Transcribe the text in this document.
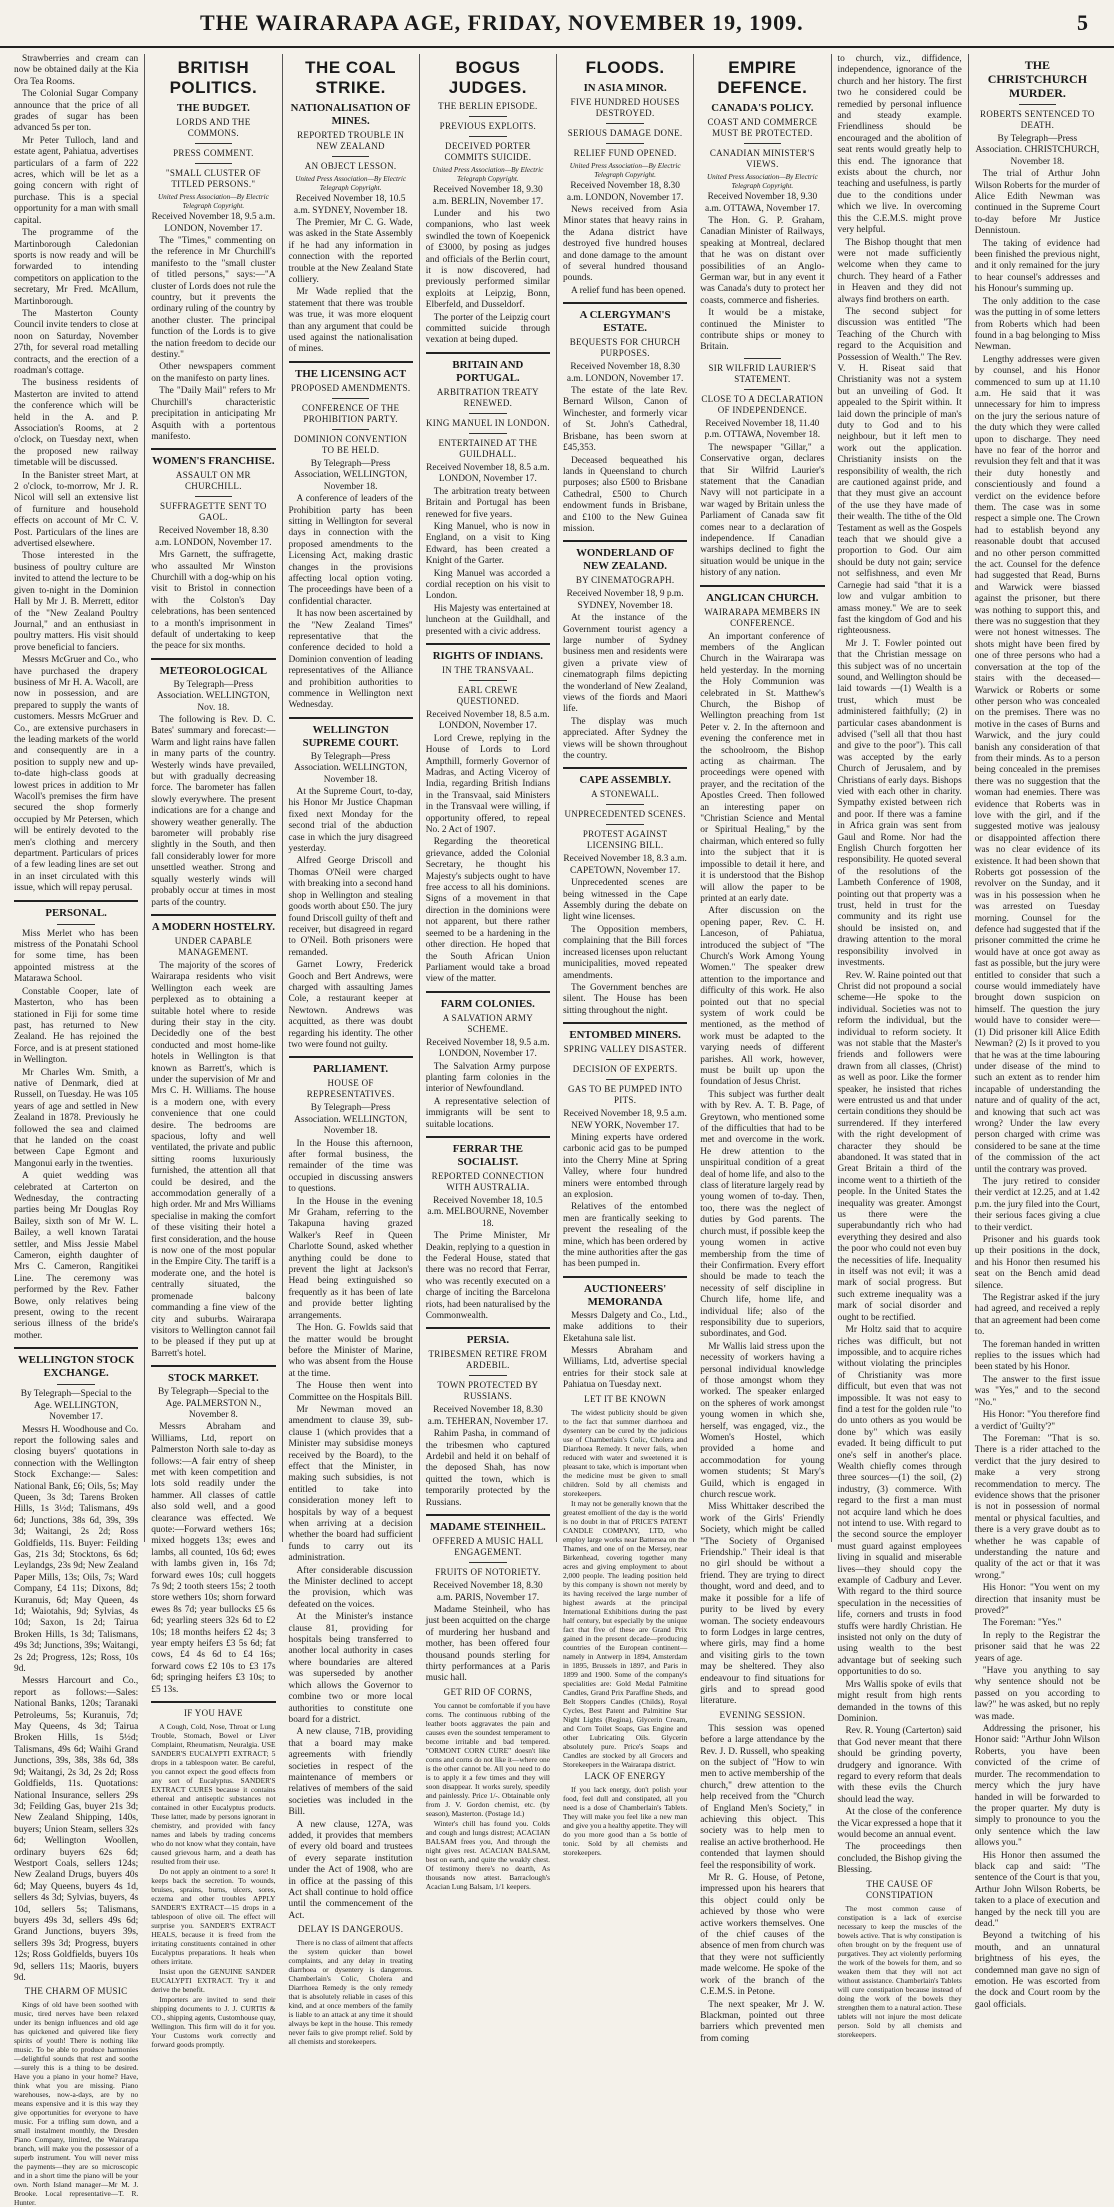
THE WAIRARAPA AGE, FRIDAY, NOVEMBER 19, 1909.	5

Strawberries and cream can now be obtained daily at the Kia Ora Tea Rooms.

The Colonial Sugar Company announce that the price of all grades of sugar has been advanced 5s per ton.

Mr Peter Tulloch, land and estate agent, Pahiatua, advertises particulars of a farm of 222 acres, which will be let as a going concern with right of purchase. This is a special opportunity for a man with small capital.

The programme of the Martinborough Caledonian sports is now ready and will be forwarded to intending competitors on application to the secretary, Mr Fred. McAllum, Martinborough.

The Masterton County Council invite tenders to close at noon on Saturday, November 27th, for several road metalling contracts, and the erection of a roadman's cottage.

The business residents of Masterton are invited to attend the conference which will be held in the A. and P. Association's Rooms, at 2 o'clock, on Tuesday next, when the proposed new railway timetable will be discussed.

In the Banister street Mart, at 2 o'clock, to-morrow, Mr J. R. Nicol will sell an extensive list of furniture and household effects on account of Mr C. V. Post. Particulars of the lines are advertised elsewhere.

Those interested in the business of poultry culture are invited to attend the lecture to be given to-night in the Dominion Hall by Mr J. B. Merrett, editor of the "New Zealand Poultry Journal," and an enthusiast in poultry matters. His visit should prove beneficial to fanciers.

Messrs McGruer and Co., who have purchased the drapery business of Mr H. A. Wacoll, are now in possession, and are prepared to supply the wants of customers. Messrs McGruer and Co., are extensive purchasers in the leading markets of the world and consequently are in a position to supply new and up-to-date high-class goods at lowest prices in addition to Mr Wacoll's premises the firm have secured the shop formerly occupied by Mr Petersen, which will be entirely devoted to the men's clothing and mercery department. Particulars of prices of a few leading lines are set out in an inset circulated with this issue, which will repay perusal.

PERSONAL.

Miss Merlet who has been mistress of the Ponatahi School for some time, has been appointed mistress at the Matarawa School.

Constable Cooper, late of Masterton, who has been stationed in Fiji for some time past, has returned to New Zealand. He has rejoined the Force, and is at present stationed in Wellington.

Mr Charles Wm. Smith, a native of Denmark, died at Russell, on Tuesday. He was 105 years of age and settled in New Zealand in 1878. Previously he followed the sea and claimed that he landed on the coast between Cape Egmont and Mangonui early in the twenties.

A quiet wedding was celebrated at Carterton on Wednesday, the contracting parties being Mr Douglas Roy Bailey, sixth son of Mr W. L. Bailey, a well known Taratai settler, and Miss Jessie Mabel Cameron, eighth daughter of Mrs C. Cameron, Rangitikei Line. The ceremony was performed by the Rev. Father Bowe, only relatives being present, owing to the recent serious illness of the bride's mother.

WELLINGTON STOCK EXCHANGE.

By Telegraph—Special to the Age. WELLINGTON, November 17.

Messrs H. Woodhouse and Co. report the following sales and closing buyers' quotations in connection with the Wellington Stock Exchange:— Sales: National Bank, £6; Oils, 5s; May Queen, 3s 3d; Tarens Broken Hills, 1s 3½d; Talismans, 49s 6d; Junctions, 38s 6d, 39s, 39s 3d; Waitangi, 2s 2d; Ross Goldfields, 11s. Buyer: Feilding Gas, 21s 3d; Stocktons, 6s 6d; Leylandgs, 23s 9d; New Zealand Paper Mills, 13s; Oils, 7s; Ward Company, £4 11s; Dixons, 8d; Kuranuis, 6d; May Queen, 4s 1d; Waiotahis, 9d; Sylvias, 4s 10d; Saxon, 1s 2d; Tairua Broken Hills, 1s 3d; Talismans, 49s 3d; Junctions, 39s; Waitangi, 2s 2d; Progress, 12s; Ross, 10s 9d.

Messrs Harcourt and Co., report as follows:—Sales: National Banks, 120s; Taranaki Petroleums, 5s; Kuranuis, 7d; May Queens, 4s 3d; Tairua Broken Hills, 1s 5½d; Talismans, 49s 6d; Waihi Grand Junctions, 39s, 38s, 38s 6d, 38s 9d; Waitangi, 2s 3d, 2s 2d; Ross Goldfields, 11s. Quotations: National Insurance, sellers 29s 3d; Feilding Gas, buyer 21s 3d; New Zealand Shipping, 140s, buyers; Union Steam, sellers 32s 6d; Wellington Woollen, ordinary buyers 62s 6d; Westport Coals, sellers 124s; New Zealand Drugs, buyers 40s 6d; May Queens, buyers 4s 1d, sellers 4s 3d; Sylvias, buyers, 4s 10d, sellers 5s; Talismans, buyers 49s 3d, sellers 49s 6d; Grand Junctions, buyers 39s, sellers 39s 3d; Progress, buyers 12s; Ross Goldfields, buyers 10s 9d, sellers 11s; Maoris, buyers 9d.

THE CHARM OF MUSIC

Kings of old have been soothed with music, tired nerves have been relaxed under its benign influences and old age has quickened and quivered like fiery spirits of youth! There is nothing like music. To be able to produce harmonies—delightful sounds that rest and soothe—surely this is a thing to be desired. Have you a piano in your home? Have, think what you are missing. Piano warehouses, now-a-days, are by no means expensive and it is this way they give opportunities for everyone to have music. For a trifling sum down, and a small instalment monthly, the Dresden Piano Company, limited, the Wairarapa branch, will make you the possessor of a superb instrument. You will never miss the payments—they are so microscopic and in a short time the piano will be your own. North Island manager—Mr M. J. Brooke. Local representative—T. R. Hunter.

BRITISH POLITICS.
THE BUDGET.
LORDS AND THE COMMONS.
PRESS COMMENT.
"SMALL CLUSTER OF TITLED PERSONS."
United Press Association—By Electric Telegraph Copyright.

Received November 18, 9.5 a.m. LONDON, November 17.

The "Times," commenting on the reference in Mr Churchill's manifesto to the "small cluster of titled persons," says:—"A cluster of Lords does not rule the country, but it prevents the ordinary ruling of the country by another cluster. The principal function of the Lords is to give the nation freedom to decide our destiny."

Other newspapers comment on the manifesto on party lines.

The "Daily Mail" refers to Mr Churchill's characteristic precipitation in anticipating Mr Asquith with a portentous manifesto.

WOMEN'S FRANCHISE.
ASSAULT ON MR CHURCHILL.
SUFFRAGETTE SENT TO GAOL.

Received November 18, 8.30 a.m. LONDON, November 17.

Mrs Garnett, the suffragette, who assaulted Mr Winston Churchill with a dog-whip on his visit to Bristol in connection with the Colston's Day celebrations, has been sentenced to a month's imprisonment in default of undertaking to keep the peace for six months.

METEOROLOGICAL

By Telegraph—Press Association. WELLINGTON, Nov. 18.

The following is Rev. D. C. Bates' summary and forecast:—Warm and light rains have fallen in many parts of the country. Westerly winds have prevailed, but with gradually decreasing force. The barometer has fallen slowly everywhere. The present indications are for a change and showery weather generally. The barometer will probably rise slightly in the South, and then fall considerably lower for more unsettled weather. Strong and squally westerly winds will probably occur at times in most parts of the country.

A MODERN HOSTELRY.
UNDER CAPABLE MANAGEMENT.

The majority of the scores of Wairarapa residents who visit Wellington each week are perplexed as to obtaining a suitable hotel where to reside during their stay in the city. Decidedly one of the best conducted and most home-like hotels in Wellington is that known as Barrett's, which is under the supervision of Mr and Mrs C. H. Williams. The house is a modern one, with every convenience that one could desire. The bedrooms are spacious, lofty and well ventilated, the private and public sitting rooms luxuriously furnished, the attention all that could be desired, and the accommodation generally of a high order. Mr and Mrs Williams specialise in making the comfort of these visiting their hotel a first consideration, and the house is now one of the most popular in the Empire City. The tariff is a moderate one, and the hotel is centrally situated, the promenade balcony commanding a fine view of the city and suburbs. Wairarapa visitors to Wellington cannot fail to be pleased if they put up at Barrett's hotel.

STOCK MARKET.

By Telegraph—Special to the Age. PALMERSTON N., November 8.

Messrs Abraham and Williams, Ltd, report on Palmerston North sale to-day as follows:—A fair entry of sheep met with keen competition and lots sold readily under the hammer. All classes of cattle also sold well, and a good clearance was effected. We quote:—Forward wethers 16s; mixed hoggets 13s; ewes and lambs, all counted, 10s 6d; ewes with lambs given in, 16s 7d; forward ewes 10s; cull hoggets 7s 9d; 2 tooth steers 15s; 2 tooth store wethers 10s; shorn forward ewes 8s 7d; year bullocks £5 6s 6d; yearling steers 32s 6d to £2 10s; 18 months heifers £2 4s; 3 year empty heifers £3 5s 6d; fat cows, £4 4s 6d to £4 16s; forward cows £2 10s to £3 17s 6d; springing heifers £3 10s; to £5 13s.

IF YOU HAVE

A Cough, Cold, Nose, Throat or Lung Trouble, Stomach, Bowel or Liver Complaint, Rheumatism, Neuralgia. USE SANDER'S EUCALYPTI EXTRACT; 5 drops in a tablespoon water. Be careful, you cannot expect the good effects from any sort of Eucalyptus. SANDER'S EXTRACT CURES because it contains ethereal and antiseptic substances not contained in other Eucalyptus products. These latter, made by persons ignorant in chemistry, and provided with fancy names and labels by trading concerns who do not know what they contain, have caused grievous harm, and a death has resulted from their use.

Do not apply an ointment to a sore! It keeps back the secretion. To wounds, bruises, sprains, burns, ulcers, sores, eczema and other troubles APPLY SANDER'S EXTRACT—15 drops in a tablespoon of olive oil. The effect will surprise you. SANDER'S EXTRACT HEALS, because it is freed from the irritating constituents contained in other Eucalyptus preparations. It heals when others irritate.

Insist upon the GENUINE SANDER EUCALYPTI EXTRACT. Try it and derive the benefit.

Importers are invited to send their shipping documents to J. J. CURTIS & CO., shipping agents, Customhouse quay, Wellington. This firm will do it for you. Your Customs work correctly and forward goods promptly.

THE COAL STRIKE.
NATIONALISATION OF MINES.
REPORTED TROUBLE IN NEW ZEALAND
AN OBJECT LESSON.
United Press Association—By Electric Telegraph Copyright.

Received November 18, 10.5 a.m. SYDNEY, November 18.

The Premier, Mr C. G. Wade, was asked in the State Assembly if he had any information in connection with the reported trouble at the New Zealand State colliery.

Mr Wade replied that the statement that there was trouble was true, it was more eloquent than any argument that could be used against the nationalisation of mines.

THE LICENSING ACT
PROPOSED AMENDMENTS.
CONFERENCE OF THE PROHIBITION PARTY.
DOMINION CONVENTION TO BE HELD.

By Telegraph—Press Association, WELLINGTON, November 18.

A conference of leaders of the Prohibition party has been sitting in Wellington for several days in connection with the proposed amendments to the Licensing Act, making drastic changes in the provisions affecting local option voting. The proceedings have been of a confidential character.

It has now been ascertained by the "New Zealand Times" representative that the conference decided to hold a Dominion convention of leading representatives of the Alliance and prohibition authorities to commence in Wellington next Wednesday.

WELLINGTON SUPREME COURT.

By Telegraph—Press Association. WELLINGTON, November 18.

At the Supreme Court, to-day, his Honor Mr Justice Chapman fixed next Monday for the second trial of the abduction case in which the jury disagreed yesterday.

Alfred George Driscoll and Thomas O'Neil were charged with breaking into a second hand shop in Wellington and stealing goods worth about £50. The jury found Driscoll guilty of theft and receiver, but disagreed in regard to O'Neil. Both prisoners were remanded.

Garnet Lowry, Frederick Gooch and Bert Andrews, were charged with assaulting James Cole, a restaurant keeper at Newtown. Andrews was acquitted, as there was doubt regarding his identity. The other two were found not guilty.

PARLIAMENT.
HOUSE OF REPRESENTATIVES.

By Telegraph—Press Association. WELLINGTON, November 18.

In the House this afternoon, after formal business, the remainder of the time was occupied in discussing answers to questions.

In the House in the evening Mr Graham, referring to the Takapuna having grazed Walker's Reef in Queen Charlotte Sound, asked whether anything could be done to prevent the light at Jackson's Head being extinguished so frequently as it has been of late and provide better lighting arrangements.

The Hon. G. Fowlds said that the matter would be brought before the Minister of Marine, who was absent from the House at the time.

The House then went into Committee on the Hospitals Bill.

Mr Newman moved an amendment to clause 39, sub-clause 1 (which provides that a Minister may subsidise moneys received by the Board), to the effect that the Minister, in making such subsidies, is not entitled to take into consideration money left to hospitals by way of a bequest when arriving at a decision whether the board had sufficient funds to carry out its administration.

After considerable discussion the Minister declined to accept the provision, which was defeated on the voices.

At the Minister's instance clause 81, providing for hospitals being transferred to another local authority in cases where boundaries are altered was superseded by another which allows the Governor to combine two or more local authorities to constitute one board for a district.

A new clause, 71B, providing that a board may make agreements with friendly societies in respect of the maintenance of members or relatives of members of the said societies was included in the Bill.

A new clause, 127A, was added, it provides that members of every old board and trustees of every separate institution under the Act of 1908, who are in office at the passing of this Act shall continue to hold office until the commencement of the Act.

DELAY IS DANGEROUS.

There is no class of ailment that affects the system quicker than bowel complaints, and any delay in treating diarrhoea or dysentery is dangerous. Chamberlain's Colic, Cholera and Diarrhoea Remedy is the only remedy that is absolutely reliable in cases of this kind, and at once members of the family is liable to an attack at any time it should always be kept in the house. This remedy never fails to give prompt relief. Sold by all chemists and storekeepers.

BOGUS JUDGES.
THE BERLIN EPISODE.
PREVIOUS EXPLOITS.
DECEIVED PORTER COMMITS SUICIDE.
United Press Association—By Electric Telegraph Copyright.

Received November 18, 9.30 a.m. BERLIN, November 17.

Lunder and his two companions, who last week swindled the town of Koepenick of £3000, by posing as judges and officials of the Berlin court, it is now discovered, had previously performed similar exploits at Leipzig, Bonn, Elberfeld, and Dusseldorf.

The porter of the Leipzig court committed suicide through vexation at being duped.

BRITAIN AND PORTUGAL.
ARBITRATION TREATY RENEWED.
KING MANUEL IN LONDON.
ENTERTAINED AT THE GUILDHALL.

Received November 18, 8.5 a.m. LONDON, November 17.

The arbitration treaty between Britain and Portugal has been renewed for five years.

King Manuel, who is now in England, on a visit to King Edward, has been created a Knight of the Garter.

King Manuel was accorded a cordial reception on his visit to London.

His Majesty was entertained at luncheon at the Guildhall, and presented with a civic address.

RIGHTS OF INDIANS.
IN THE TRANSVAAL.
EARL CREWE QUESTIONED.

Received November 18, 8.5 a.m. LONDON, November 17.

Lord Crewe, replying in the House of Lords to Lord Ampthill, formerly Governor of Madras, and Acting Viceroy of India, regarding British Indians in the Transvaal, said Ministers in the Transvaal were willing, if opportunity offered, to repeal No. 2 Act of 1907.

Regarding the theoretical grievance, added the Colonial Secretary, he thought his Majesty's subjects ought to have free access to all his dominions. Signs of a movement in that direction in the dominions were not apparent, but there rather seemed to be a hardening in the other direction. He hoped that the South African Union Parliament would take a broad view of the matter.

FARM COLONIES.
A SALVATION ARMY SCHEME.

Received November 18, 9.5 a.m. LONDON, November 17.

The Salvation Army purpose planting farm colonies in the interior of Newfoundland.

A representative selection of immigrants will be sent to suitable locations.

FERRAR THE SOCIALIST.
REPORTED CONNECTION WITH AUSTRALIA.

Received November 18, 10.5 a.m. MELBOURNE, November 18.

The Prime Minister, Mr Deakin, replying to a question in the Federal House, stated that there was no record that Ferrar, who was recently executed on a charge of inciting the Barcelona riots, had been naturalised by the Commonwealth.

PERSIA.
TRIBESMEN RETIRE FROM ARDEBIL.
TOWN PROTECTED BY RUSSIANS.

Received November 18, 8.30 a.m. TEHERAN, November 17.

Rahim Pasha, in command of the tribesmen who captured Ardebil and held it on behalf of the deposed Shah, has now quitted the town, which is temporarily protected by the Russians.

MADAME STEINHEIL.
OFFERED A MUSIC HALL ENGAGEMENT.
FRUITS OF NOTORIETY.

Received November 18, 8.30 a.m. PARIS, November 17.

Madame Steinheil, who has just been acquitted on the charge of murdering her husband and mother, has been offered four thousand pounds sterling for thirty performances at a Paris music hall.

GET RID OF CORNS,

You cannot be comfortable if you have corns. The continuous rubbing of the leather boots aggravates the pain and causes even the soundest temperament to become irritable and bad tempered. "ORMONT CORN CURE" doesn't like corns and corns do not like it—where one is the other cannot be. All you need to do is to apply it a few times and they will soon disappear. It works surely, speedily and painlessly. Price 1/-. Obtainable only from J. V. Gordon chemist, etc. (by season), Masterton. (Postage 1d.)

Winter's chill has found you. Colds and cough and lungs distrest; ACACIAN BALSAM frees you, And through the night gives rest. ACACIAN BALSAM, best on earth, and quite the weakly chest. Of testimony there's no dearth, As thousands now attest. Barraclough's Acacian Lung Balsam, 1/1 keepers.

FLOODS.
IN ASIA MINOR.
FIVE HUNDRED HOUSES DESTROYED.
SERIOUS DAMAGE DONE.
RELIEF FUND OPENED.
United Press Association—By Electric Telegraph Copyright.

Received November 18, 8.30 a.m. LONDON, November 17.

News received from Asia Minor states that heavy rains in the Adana district have destroyed five hundred houses and done damage to the amount of several hundred thousand pounds.

A relief fund has been opened.

A CLERGYMAN'S ESTATE.
BEQUESTS FOR CHURCH PURPOSES.

Received November 18, 8.30 a.m. LONDON, November 17.

The estate of the late Rev. Bernard Wilson, Canon of Winchester, and formerly vicar of St. John's Cathedral, Brisbane, has been sworn at £45,353.

Deceased bequeathed his lands in Queensland to church purposes; also £500 to Brisbane Cathedral, £500 to Church endowment funds in Brisbane, and £100 to the New Guinea mission.

WONDERLAND OF NEW ZEALAND.
BY CINEMATOGRAPH.

Received November 18, 9 p.m. SYDNEY, November 18.

At the instance of the Government tourist agency a large number of Sydney business men and residents were given a private view of cinematograph films depicting the wonderland of New Zealand, views of the fiords and Maori life.

The display was much appreciated. After Sydney the views will be shown throughout the country.

CAPE ASSEMBLY.
A STONEWALL.
UNPRECEDENTED SCENES.
PROTEST AGAINST LICENSING BILL.

Received November 18, 8.3 a.m. CAPETOWN, November 17.

Unprecedented scenes are being witnessed in the Cape Assembly during the debate on light wine licenses.

The Opposition members, complaining that the Bill forces increased licenses upon reluctant municipalities, moved repeated amendments.

The Government benches are silent. The House has been sitting throughout the night.

ENTOMBED MINERS.
SPRING VALLEY DISASTER.
DECISION OF EXPERTS.
GAS TO BE PUMPED INTO PITS.

Received November 18, 9.5 a.m. NEW YORK, November 17.

Mining experts have ordered carbonic acid gas to be pumped into the Cherry Mine at Spring Valley, where four hundred miners were entombed through an explosion.

Relatives of the entombed men are frantically seeking to prevent the resealing of the mine, which has been ordered by the mine authorities after the gas has been pumped in.

AUCTIONEERS' MEMORANDA

Messrs Dalgety and Co., Ltd., make additions to their Eketahuna sale list.

Messrs Abraham and Williams, Ltd, advertise special entries for their stock sale at Pahiatua on Tuesday next.

LET IT BE KNOWN

The widest publicity should be given to the fact that summer diarrhoea and dysentery can be cured by the judicious use of Chamberlain's Colic, Cholera and Diarrhoea Remedy. It never fails, when reduced with water and sweetened it is pleasant to take, which is important when the medicine must be given to small children. Sold by all chemists and storekeepers.

It may not be generally known that the greatest emollient of the day is the world is no doubt in that of PRICE'S PATENT CANDLE COMPANY, LTD, who employ large works near Battersea on the Thames, and one of on the Mersey, near Birkenhead, covering together many acres and giving employment to about 2,000 people. The leading position held by this company is shown not merely by its having received the large number of highest awards at the principal International Exhibitions during the past half century, but especially by the unique fact that five of these are Grand Prix gained in the present decade—producing countries of the European continent—namely in Antwerp in 1894, Amsterdam in 1895, Brussels in 1897, and Paris in 1899 and 1900. Some of the company's specialities are: Gold Medal Palmitine Candles, Grand Prix Paraffine Sheds, and Belt Stoppers Candles (Childs), Royal Cycles, Best Patent and Palmitine Star Night Lights (Regina), Glycerin Cream, and Corn Toilet Soaps, Gas Engine and other Lubricating Oils. Glycerin absolutely pure. Price's Soaps and Candles are stocked by all Grocers and Storekeepers in the Wairarapa district.

LACK OF ENERGY

If you lack energy, don't polish your food, feel dull and constipated, all you need is a dose of Chamberlain's Tablets. They will make you feel like a new man and give you a healthy appetite. They will do you more good than a 5s bottle of tonic. Sold by all chemists and storekeepers.

EMPIRE DEFENCE.
CANADA'S POLICY.
COAST AND COMMERCE MUST BE PROTECTED.
CANADIAN MINISTER'S VIEWS.
United Press Association—By Electric Telegraph Copyright.

Received November 18, 9.30 a.m. OTTAWA, November 17.

The Hon. G. P. Graham, Canadian Minister of Railways, speaking at Montreal, declared that he was on distant over possibilities of an Anglo-German war, but in any event it was Canada's duty to protect her coasts, commerce and fisheries.

It would be a mistake, continued the Minister to contribute ships or money to Britain.

SIR WILFRID LAURIER'S STATEMENT.
CLOSE TO A DECLARATION OF INDEPENDENCE.

Received November 18, 11.40 p.m. OTTAWA, November 18.

The newspaper "Gillar," a Conservative organ, declares that Sir Wilfrid Laurier's statement that the Canadian Navy will not participate in a war waged by Britain unless the Parliament of Canada saw fit comes near to a declaration of independence. If Canadian warships declined to fight the situation would be unique in the history of any nation.

ANGLICAN CHURCH.
WAIRARAPA MEMBERS IN CONFERENCE.

An important conference of members of the Anglican Church in the Wairarapa was held yesterday. In the morning the Holy Communion was celebrated in St. Matthew's Church, the Bishop of Wellington preaching from 1st Peter v. 2. In the afternoon and evening the conference met in the schoolroom, the Bishop acting as chairman. The proceedings were opened with prayer, and the recitation of the Apostles Creed. Then followed an interesting paper on "Christian Science and Mental or Spiritual Healing," by the chairman, which entered so fully into the subject that it is impossible to detail it here, and it is understood that the Bishop will allow the paper to be printed at an early date.

After discussion on the opening paper, Rev. C. H. Lanceson, of Pahiatua, introduced the subject of "The Church's Work Among Young Women." The speaker drew attention to the importance and difficulty of this work. He also pointed out that no special system of work could be mentioned, as the method of work must be adapted to the varying needs of different parishes. All work, however, must be built up upon the foundation of Jesus Christ.

This subject was further dealt with by Rev. A. T. B. Page, of Greytown, who mentioned some of the difficulties that had to be met and overcome in the work. He drew attention to the unspiritual condition of a great deal of home life, and also to the class of literature largely read by young women of to-day. Then, too, there was the neglect of duties by God parents. The church must, if possible keep the young women in active membership from the time of their Confirmation. Every effort should be made to teach the necessity of self discipline in Church life, home life, and individual life; also of the responsibility due to superiors, subordinates, and God.

Mr Wallis laid stress upon the necessity of workers having a personal individual knowledge of those amongst whom they worked. The speaker enlarged on the spheres of work amongst young women in which she, herself, was engaged, viz., the Women's Hostel, which provided a home and accommodation for young women students; St Mary's Guild, which is engaged in church rescue work.

Miss Whittaker described the work of the Girls' Friendly Society, which might be called "The Society of Organised Friendship." Their ideal is that no girl should be without a friend. They are trying to direct thought, word and deed, and to make it possible for a life of purity to be lived by every woman. The society endeavours to form Lodges in large centres, where girls, may find a home and visiting girls to the town may be sheltered. They also endeavour to find situations for girls and to spread good literature.

EVENING SESSION.

This session was opened before a large attendance by the Rev. J. D. Russell, who speaking on the subject of "How to win men to active membership of the church," drew attention to the help received from the "Church of England Men's Society," in achieving this object. This society was to help men to realise an active brotherhood. He contended that laymen should feel the responsibility of work.

Mr R. G. House, of Petone, impressed upon his hearers that this object could only be achieved by those who were active workers themselves. One of the chief causes of the absence of men from church was that they were not sufficiently made welcome. He spoke of the work of the branch of the C.E.M.S. in Petone.

The next speaker, Mr J. W. Blackman, pointed out three barriers which prevented men from coming

to church, viz., diffidence, independence, ignorance of the church and her history. The first two he considered could be remedied by personal influence and steady example. Friendliness should be encouraged and the abolition of seat rents would greatly help to this end. The ignorance that exists about the church, nor teaching and usefulness, is partly due to the conditions under which we live. In overcoming this the C.E.M.S. might prove very helpful.

The Bishop thought that men were not made sufficiently welcome when they came to church. They heard of a Father in Heaven and they did not always find brothers on earth.

The second subject for discussion was entitled "The Teaching of the Church with regard to the Acquisition and Possession of Wealth." The Rev. V. H. Riseat said that Christianity was not a system but an unveiling of God. It appealed to the Spirit within. It laid down the principle of man's duty to God and to his neighbour, but it left men to work out the application. Christianity insists on the responsibility of wealth, the rich are cautioned against pride, and that they must give an account of the use they have made of their wealth. The tithe of the Old Testament as well as the Gospels teach that we should give a proportion to God. Our aim should be duty not gain; service not selfishness, and even Mr Carnegie had said "that it is a low and vulgar ambition to amass money." We are to seek fast the kingdom of God and his righteousness.

Mr J. T. Fowler pointed out that the Christian message on this subject was of no uncertain sound, and Wellington should be laid towards —(1) Wealth is a trust, which must be administered faithfully; (2) in particular cases abandonment is advised ("sell all that thou hast and give to the poor"). This call was accepted by the early Church of Jerusalem, and by Christians of early days. Bishops vied with each other in charity. Sympathy existed between rich and poor. If there was a famine in Africa grain was sent from Gaul and Rome. Nor had the English Church forgotten her responsibility. He quoted several of the resolutions of the Lambeth Conference of 1908, pointing out that property was a trust, held in trust for the community and its right use should be insisted on, and drawing attention to the moral responsibility involved in investments.

Rev. W. Raine pointed out that Christ did not propound a social scheme—He spoke to the individual. Societies was not to reform the individual, but the individual to reform society. It was not stable that the Master's friends and followers were drawn from all classes, (Christ) as well as poor. Like the former speaker, he insisted that riches were entrusted us and that under certain conditions they should be surrendered. If they interfered with the right development of character they should be abandoned. It was stated that in Great Britain a third of the income went to a thirtieth of the people. In the United States the inequality was greater. Amongst us there were the superabundantly rich who had everything they desired and also the poor who could not even buy the necessities of life. Inequality in itself was not evil; it was a mark of social progress. But such extreme inequality was a mark of social disorder and ought to be rectified.

Mr Holtz said that to acquire riches was difficult, but not impossible, and to acquire riches without violating the principles of Christianity was more difficult, but even that was not impossible. It was not easy to find a test for the golden rule "to do unto others as you would be done by" which was easily evaded. It being difficult to put one's self in another's place. Wealth chiefly comes through three sources—(1) the soil, (2) industry, (3) commerce. With regard to the first a man must not acquire land which he does not intend to use. With regard to the second source the employer must guard against employees living in squalid and miserable lives—they should copy the example of Cadbury and Lever. With regard to the third source speculation in the necessities of life, corners and trusts in food stuffs were hardly Christian. He insisted not only on the duty of using wealth to the best advantage but of seeking such opportunities to do so.

Mrs Wallis spoke of evils that might result from high rents demanded in the towns of this Dominion.

Rev. R. Young (Carterton) said that God never meant that there should be grinding poverty, drudgery and ignorance. With regard to every reform that deals with these evils the Church should lead the way.

At the close of the conference the Vicar expressed a hope that it would become an annual event.

The proceedings then concluded, the Bishop giving the Blessing.

THE CAUSE OF CONSTIPATION

The most common cause of constipation is a lack of exercise necessary to keep the muscles of the bowels active. That is why constipation is often brought on by the frequent use of purgatives. They act violently performing the work of the bowels for them, and so weaken them that they will not act without assistance. Chamberlain's Tablets will cure constipation because instead of doing the work of the bowels they strengthen them to a natural action. These tablets will not injure the most delicate person. Sold by all chemists and storekeepers.

THE CHRISTCHURCH MURDER.
ROBERTS SENTENCED TO DEATH.

By Telegraph—Press Association. CHRISTCHURCH, November 18.

The trial of Arthur John Wilson Roberts for the murder of Alice Edith Newman was continued in the Supreme Court to-day before Mr Justice Dennistoun.

The taking of evidence had been finished the previous night, and it only remained for the jury to hear counsel's addresses and his Honour's summing up.

The only addition to the case was the putting in of some letters from Roberts which had been found in a bag belonging to Miss Newman.

Lengthy addresses were given by counsel, and his Honor commenced to sum up at 11.10 a.m. He said that it was unnecessary for him to impress on the jury the serious nature of the duty which they were called upon to discharge. They need have no fear of the horror and revulsion they felt and that it was their duty honestly and conscientiously and found a verdict on the evidence before them. The case was in some respect a simple one. The Crown had to establish beyond any reasonable doubt that accused and no other person committed the act. Counsel for the defence had suggested that Read, Burns and Warwick were biassed against the prisoner, but there was nothing to support this, and there was no suggestion that they were not honest witnesses. The shots might have been fired by one of three persons who had a conversation at the top of the stairs with the deceased—Warwick or Roberts or some other person who was concealed on the premises. There was no motive in the cases of Burns and Warwick, and the jury could banish any consideration of that from their minds. As to a person being concealed in the premises there was no suggestion that the woman had enemies. There was evidence that Roberts was in love with the girl, and if the suggested motive was jealousy or disappointed affection there was no clear evidence of its existence. It had been shown that Roberts got possession of the revolver on the Sunday, and it was in his possession when he was arrested on Tuesday morning. Counsel for the defence had suggested that if the prisoner committed the crime he would have at once got away as fast as possible, but the jury were entitled to consider that such a course would immediately have brought down suspicion on himself. The question the jury would have to consider were— (1) Did prisoner kill Alice Edith Newman? (2) Is it proved to you that he was at the time labouring under disease of the mind to such an extent as to render him incapable of understanding the nature and of quality of the act, and knowing that such act was wrong? Under the law every person charged with crime was considered to be sane at the time of the commission of the act until the contrary was proved.

The jury retired to consider their verdict at 12.25, and at 1.42 p.m. the jury filed into the Court, their serious faces giving a clue to their verdict.

Prisoner and his guards took up their positions in the dock, and his Honor then resumed his seat on the Bench amid dead silence.

The Registrar asked if the jury had agreed, and received a reply that an agreement had been come to.

The foreman handed in written replies to the issues which had been stated by his Honor.

The answer to the first issue was "Yes," and to the second "No."

His Honor: "You therefore find a verdict of 'Guilty'?"

The Foreman: "That is so. There is a rider attached to the verdict that the jury desired to make a very strong recommendation to mercy. The evidence shows that the prisoner is not in possession of normal mental or physical faculties, and there is a very grave doubt as to whether he was capable of understanding the nature and quality of the act or that it was wrong."

His Honor: "You went on my direction that insanity must be proved?"

The Foreman: "Yes."

In reply to the Registrar the prisoner said that he was 22 years of age.

"Have you anything to say why sentence should not be passed on you according to law?" he was asked, but no reply was made.

Addressing the prisoner, his Honor said: "Arthur John Wilson Roberts, you have been convicted of the crime of murder. The recommendation to mercy which the jury have handed in will be forwarded to the proper quarter. My duty is simply to pronounce to you the only sentence which the law allows you."

His Honor then assumed the black cap and said: "The sentence of the Court is that you, Arthur John Wilson Roberts, be taken to a place of execution and hanged by the neck till you are dead."

Beyond a twitching of his mouth, and an unnatural brightness of his eyes, the condemned man gave no sign of emotion. He was escorted from the dock and Court room by the gaol officials.
